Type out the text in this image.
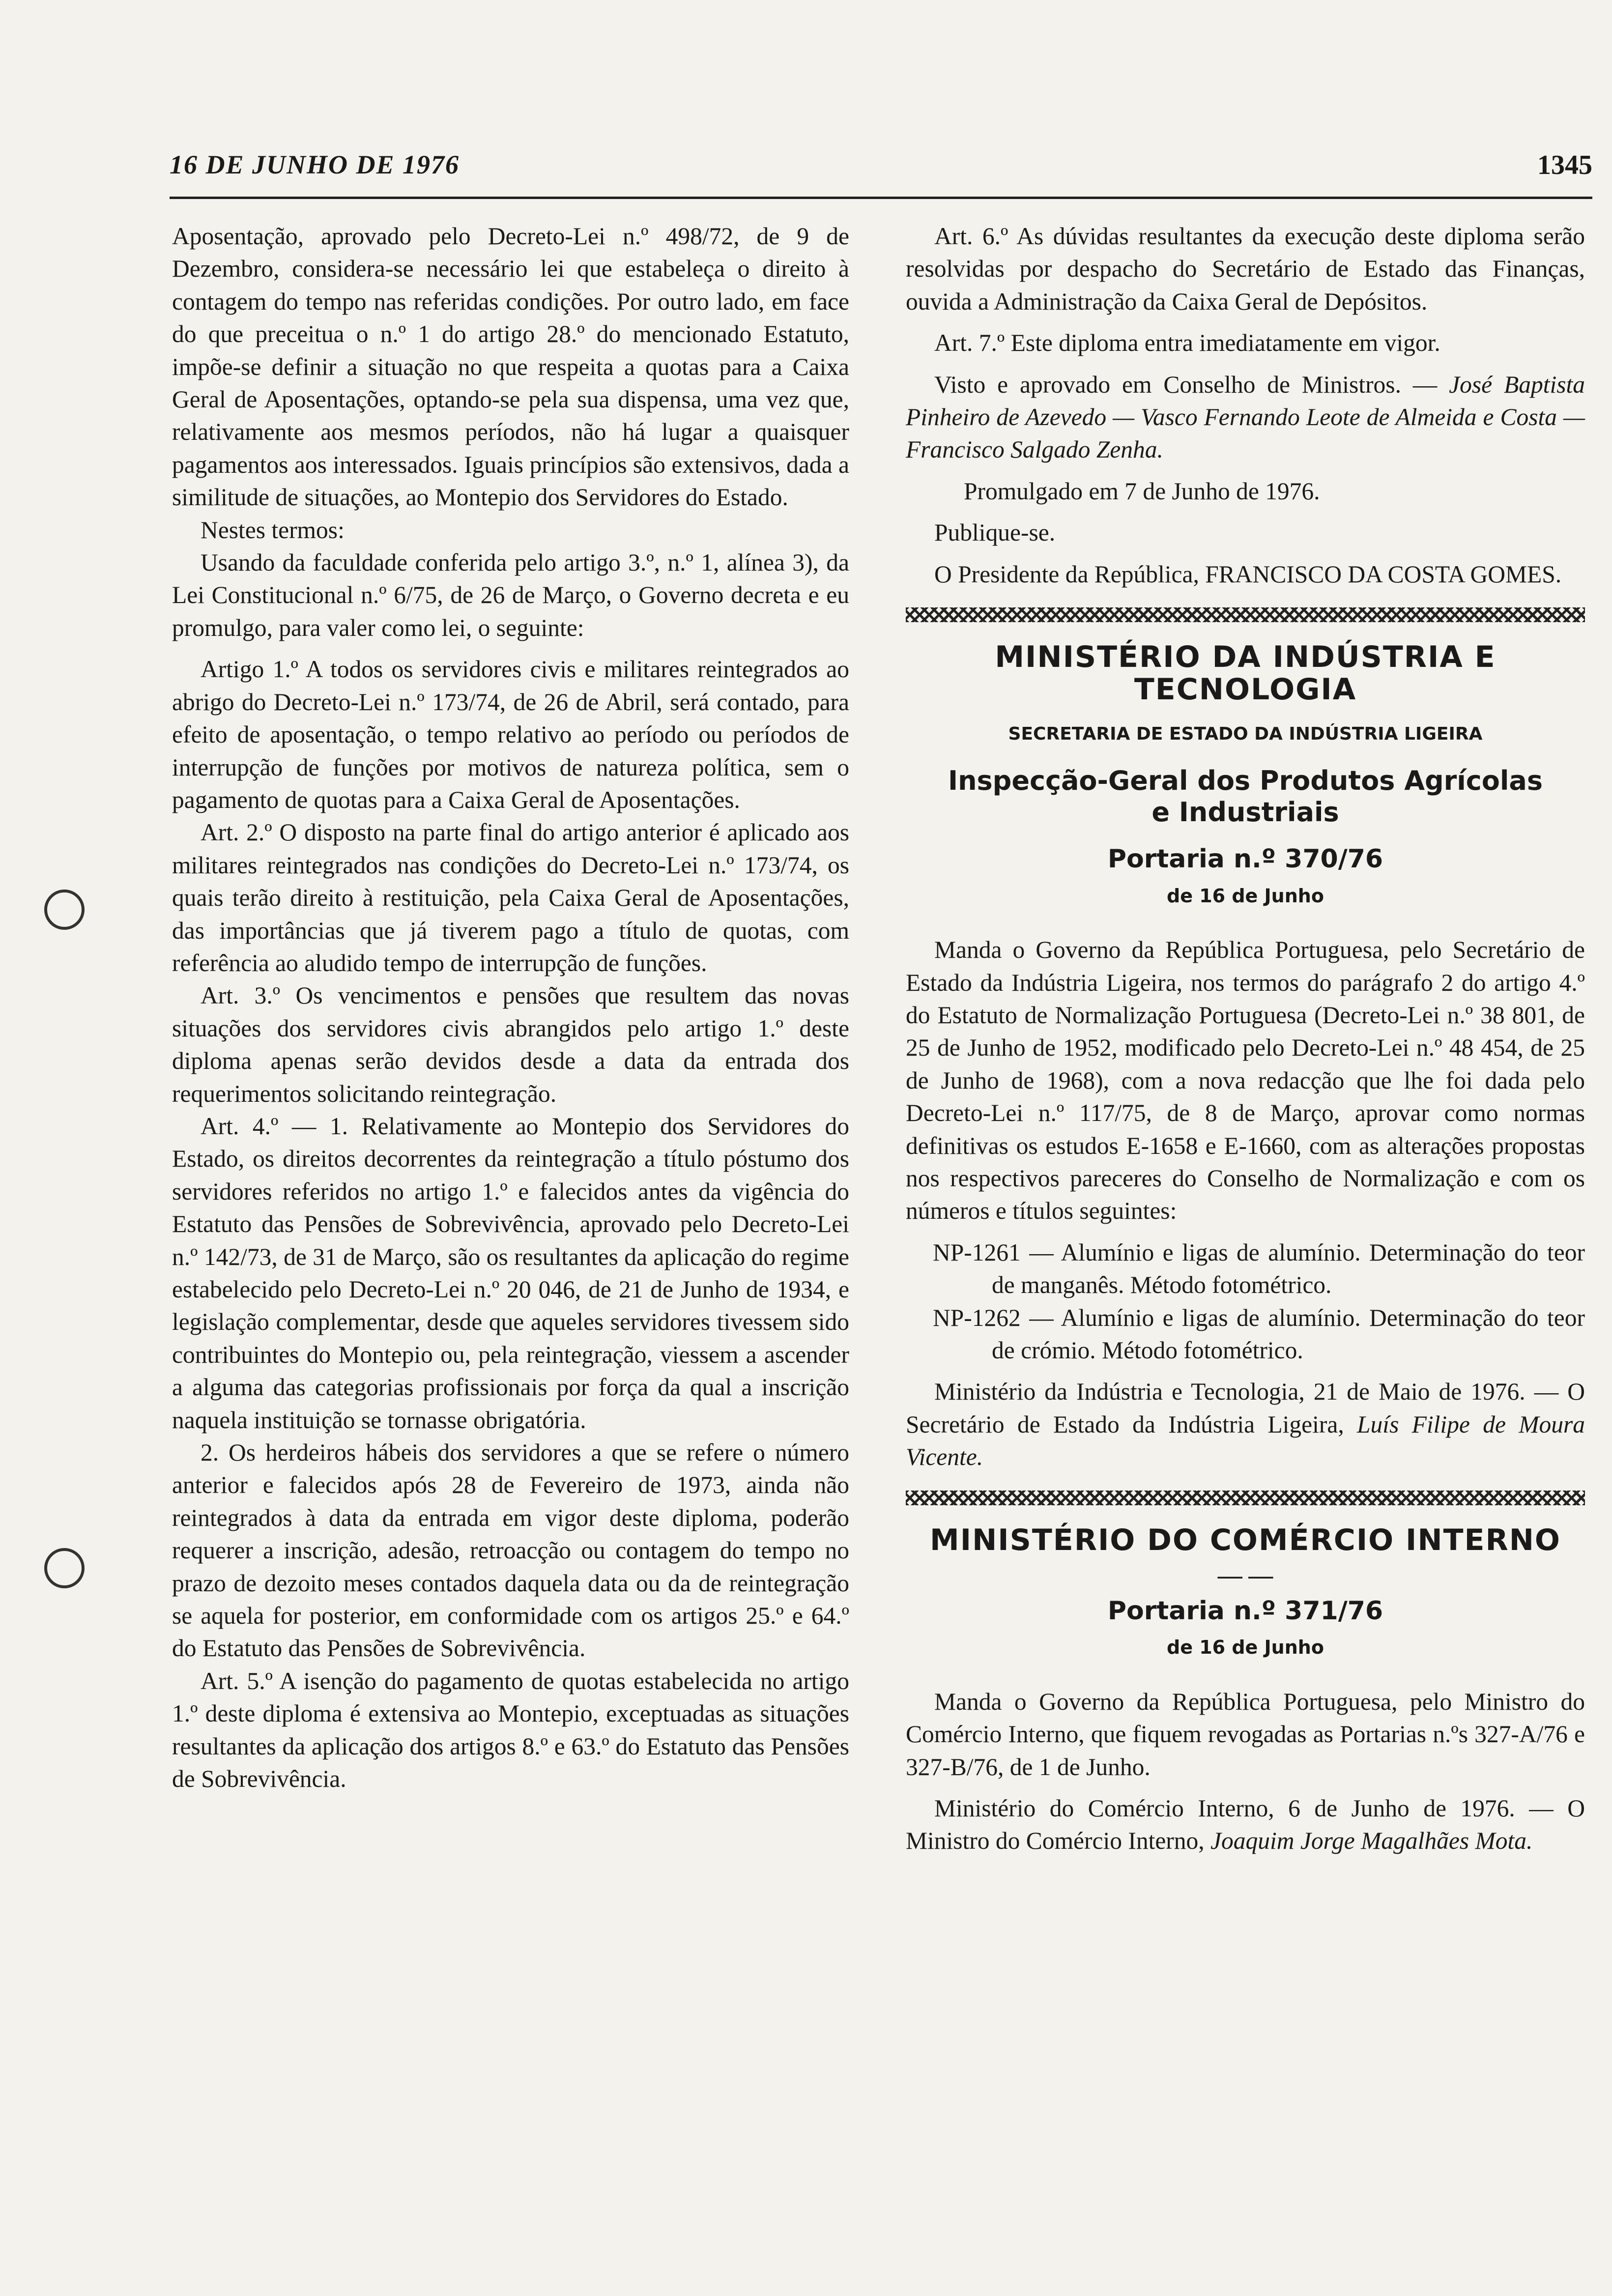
16 DE JUNHO DE 1976	1345

Aposentação, aprovado pelo Decreto-Lei n.º 498/72, de 9 de Dezembro, considera-se necessário lei que estabeleça o direito à contagem do tempo nas referidas condições. Por outro lado, em face do que preceitua o n.º 1 do artigo 28.º do mencionado Estatuto, impõe-se definir a situação no que respeita a quotas para a Caixa Geral de Aposentações, optando-se pela sua dispensa, uma vez que, relativamente aos mesmos períodos, não há lugar a quaisquer pagamentos aos interessados. Iguais princípios são extensivos, dada a similitude de situações, ao Montepio dos Servidores do Estado.

Nestes termos:

Usando da faculdade conferida pelo artigo 3.º, n.º 1, alínea 3), da Lei Constitucional n.º 6/75, de 26 de Março, o Governo decreta e eu promulgo, para valer como lei, o seguinte:

Artigo 1.º A todos os servidores civis e militares reintegrados ao abrigo do Decreto-Lei n.º 173/74, de 26 de Abril, será contado, para efeito de aposentação, o tempo relativo ao período ou períodos de interrupção de funções por motivos de natureza política, sem o pagamento de quotas para a Caixa Geral de Aposentações.

Art. 2.º O disposto na parte final do artigo anterior é aplicado aos militares reintegrados nas condições do Decreto-Lei n.º 173/74, os quais terão direito à restituição, pela Caixa Geral de Aposentações, das importâncias que já tiverem pago a título de quotas, com referência ao aludido tempo de interrupção de funções.

Art. 3.º Os vencimentos e pensões que resultem das novas situações dos servidores civis abrangidos pelo artigo 1.º deste diploma apenas serão devidos desde a data da entrada dos requerimentos solicitando reintegração.

Art. 4.º — 1. Relativamente ao Montepio dos Servidores do Estado, os direitos decorrentes da reintegração a título póstumo dos servidores referidos no artigo 1.º e falecidos antes da vigência do Estatuto das Pensões de Sobrevivência, aprovado pelo Decreto-Lei n.º 142/73, de 31 de Março, são os resultantes da aplicação do regime estabelecido pelo Decreto-Lei n.º 20 046, de 21 de Junho de 1934, e legislação complementar, desde que aqueles servidores tivessem sido contribuintes do Montepio ou, pela reintegração, viessem a ascender a alguma das categorias profissionais por força da qual a inscrição naquela instituição se tornasse obrigatória.

2. Os herdeiros hábeis dos servidores a que se refere o número anterior e falecidos após 28 de Fevereiro de 1973, ainda não reintegrados à data da entrada em vigor deste diploma, poderão requerer a inscrição, adesão, retroacção ou contagem do tempo no prazo de dezoito meses contados daquela data ou da de reintegração se aquela for posterior, em conformidade com os artigos 25.º e 64.º do Estatuto das Pensões de Sobrevivência.

Art. 5.º A isenção do pagamento de quotas estabelecida no artigo 1.º deste diploma é extensiva ao Montepio, exceptuadas as situações resultantes da aplicação dos artigos 8.º e 63.º do Estatuto das Pensões de Sobrevivência.

Art. 6.º As dúvidas resultantes da execução deste diploma serão resolvidas por despacho do Secretário de Estado das Finanças, ouvida a Administração da Caixa Geral de Depósitos.

Art. 7.º Este diploma entra imediatamente em vigor.

Visto e aprovado em Conselho de Ministros. — José Baptista Pinheiro de Azevedo — Vasco Fernando Leote de Almeida e Costa — Francisco Salgado Zenha.

Promulgado em 7 de Junho de 1976.

Publique-se.

O Presidente da República, FRANCISCO DA COSTA GOMES.

MINISTÉRIO DA INDÚSTRIA E TECNOLOGIA
SECRETARIA DE ESTADO DA INDÚSTRIA LIGEIRA
Inspecção-Geral dos Produtos Agrícolas
e Industriais
Portaria n.º 370/76
de 16 de Junho

Manda o Governo da República Portuguesa, pelo Secretário de Estado da Indústria Ligeira, nos termos do parágrafo 2 do artigo 4.º do Estatuto de Normalização Portuguesa (Decreto-Lei n.º 38 801, de 25 de Junho de 1952, modificado pelo Decreto-Lei n.º 48 454, de 25 de Junho de 1968), com a nova redacção que lhe foi dada pelo Decreto-Lei n.º 117/75, de 8 de Março, aprovar como normas definitivas os estudos E-1658 e E-1660, com as alterações propostas nos respectivos pareceres do Conselho de Normalização e com os números e títulos seguintes:

NP-1261 — Alumínio e ligas de alumínio. Determinação do teor de manganês. Método fotométrico.

NP-1262 — Alumínio e ligas de alumínio. Determinação do teor de crómio. Método fotométrico.

Ministério da Indústria e Tecnologia, 21 de Maio de 1976. — O Secretário de Estado da Indústria Ligeira, Luís Filipe de Moura Vicente.

MINISTÉRIO DO COMÉRCIO INTERNO
— —
Portaria n.º 371/76
de 16 de Junho

Manda o Governo da República Portuguesa, pelo Ministro do Comércio Interno, que fiquem revogadas as Portarias n.ºs 327-A/76 e 327-B/76, de 1 de Junho.

Ministério do Comércio Interno, 6 de Junho de 1976. — O Ministro do Comércio Interno, Joaquim Jorge Magalhães Mota.
